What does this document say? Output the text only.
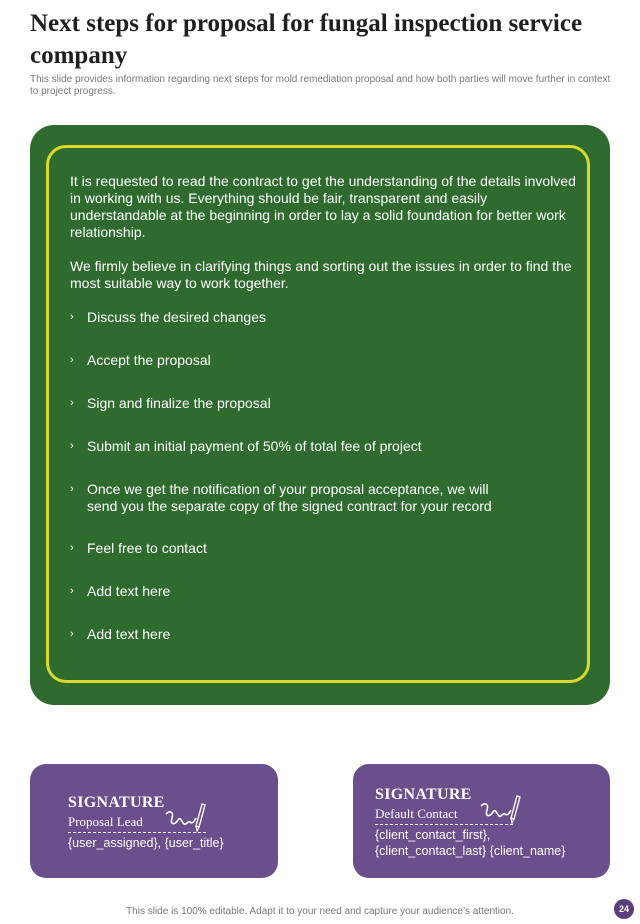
Next steps for proposal for fungal inspection service company

This slide provides information regarding next steps for mold remediation proposal and how both parties will move further in context to project progress.

It is requested to read the contract to get the understanding of the details involved in working with us. Everything should be fair, transparent and easily understandable at the beginning in order to lay a solid foundation for better work relationship.

We firmly believe in clarifying things and sorting out the issues in order to find the most suitable way to work together.

› Discuss the desired changes
› Accept the proposal
› Sign and finalize the proposal
› Submit an initial payment of 50% of total fee of project
› Once we get the notification of your proposal acceptance, we will send you the separate copy of the signed contract for your record
› Feel free to contact
› Add text here
› Add text here
SIGNATURE
Proposal Lead
{user_assigned}, {user_title}
SIGNATURE
Default Contact
{client_contact_first}, {client_contact_last} {client_name}
This slide is 100% editable. Adapt it to your need and capture your audience’s attention.	24
